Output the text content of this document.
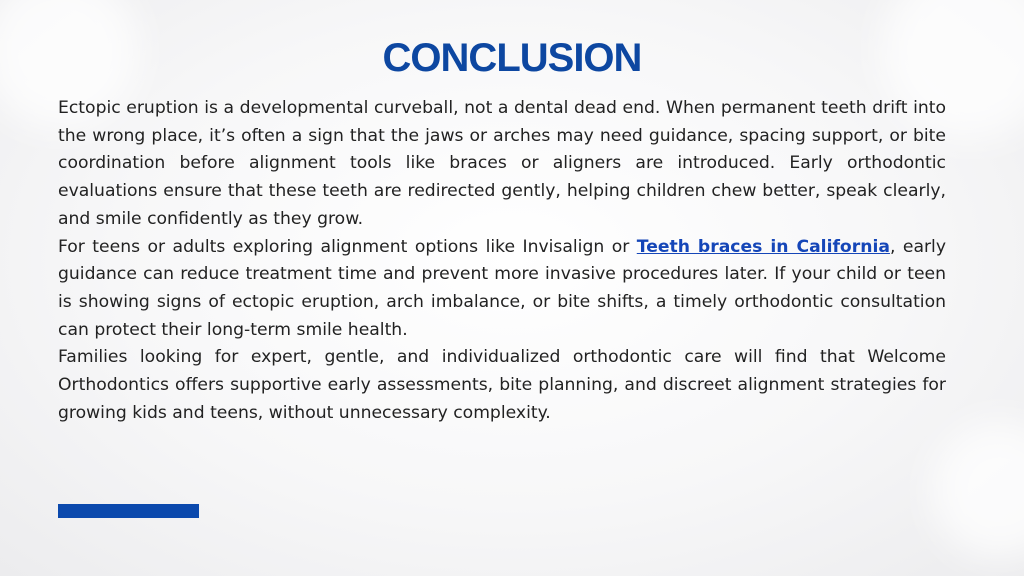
CONCLUSION

Ectopic eruption is a developmental curveball, not a dental dead end. When permanent teeth drift into the wrong place, it’s often a sign that the jaws or arches may need guidance, spacing support, or bite coordination before alignment tools like braces or aligners are introduced. Early orthodontic evaluations ensure that these teeth are redirected gently, helping children chew better, speak clearly, and smile confidently as they grow.

For teens or adults exploring alignment options like Invisalign or Teeth braces in California, early guidance can reduce treatment time and prevent more invasive procedures later. If your child or teen is showing signs of ectopic eruption, arch imbalance, or bite shifts, a timely orthodontic consultation can protect their long-term smile health.

Families looking for expert, gentle, and individualized orthodontic care will find that Welcome Orthodontics offers supportive early assessments, bite planning, and discreet alignment strategies for growing kids and teens, without unnecessary complexity.
